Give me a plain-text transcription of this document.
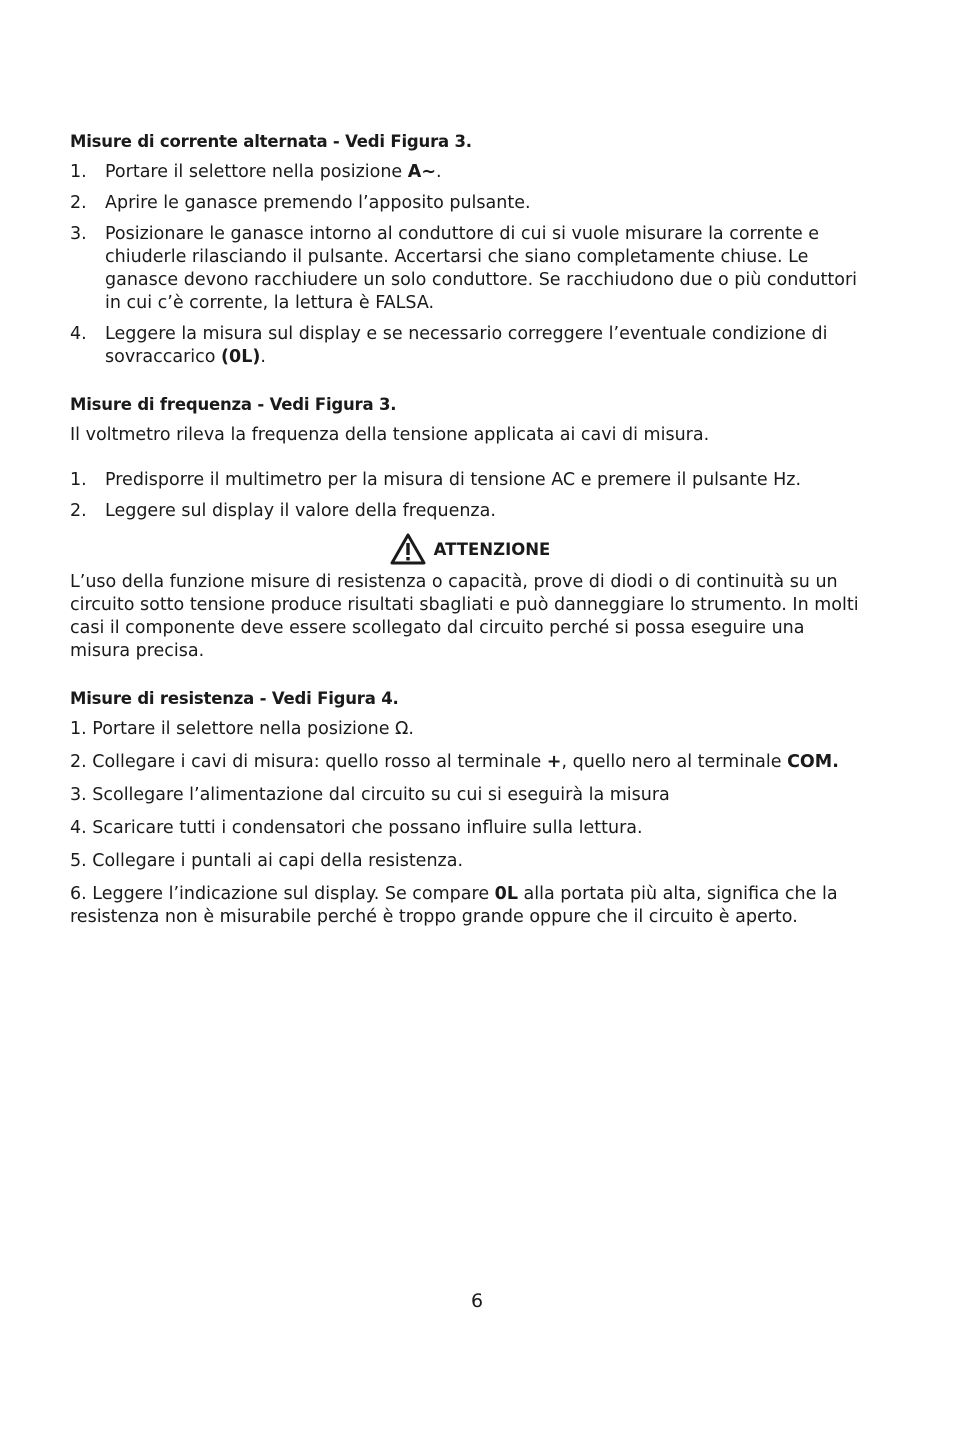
Misure di corrente alternata - Vedi Figura 3.
1. Portare il selettore nella posizione A∼.
2. Aprire le ganasce premendo l’apposito pulsante.
3. Posizionare le ganasce intorno al conduttore di cui si vuole misurare la corrente e chiuderle rilasciando il pulsante. Accertarsi che siano completamente chiuse. Le ganasce devono racchiudere un solo conduttore. Se racchiudono due o più conduttori in cui c’è corrente, la lettura è FALSA.
4. Leggere la misura sul display e se necessario correggere l’eventuale condizione di sovraccarico (0L).
Misure di frequenza - Vedi Figura 3.

Il voltmetro rileva la frequenza della tensione applicata ai cavi di misura.

1. Predisporre il multimetro per la misura di tensione AC e premere il pulsante Hz.
2. Leggere sul display il valore della frequenza.
ATTENZIONE

L’uso della funzione misure di resistenza o capacità, prove di diodi o di continuità su un circuito sotto tensione produce risultati sbagliati e può danneggiare lo strumento. In molti casi il componente deve essere scollegato dal circuito perché si possa eseguire una misura precisa.

Misure di resistenza - Vedi Figura 4.
1. Portare il selettore nella posizione Ω.
2. Collegare i cavi di misura: quello rosso al terminale +, quello nero al terminale COM.
3. Scollegare l’alimentazione dal circuito su cui si eseguirà la misura
4. Scaricare tutti i condensatori che possano influire sulla lettura.
5. Collegare i puntali ai capi della resistenza.
6. Leggere l’indicazione sul display. Se compare 0L alla portata più alta, significa che la resistenza non è misurabile perché è troppo grande oppure che il circuito è aperto.
6
